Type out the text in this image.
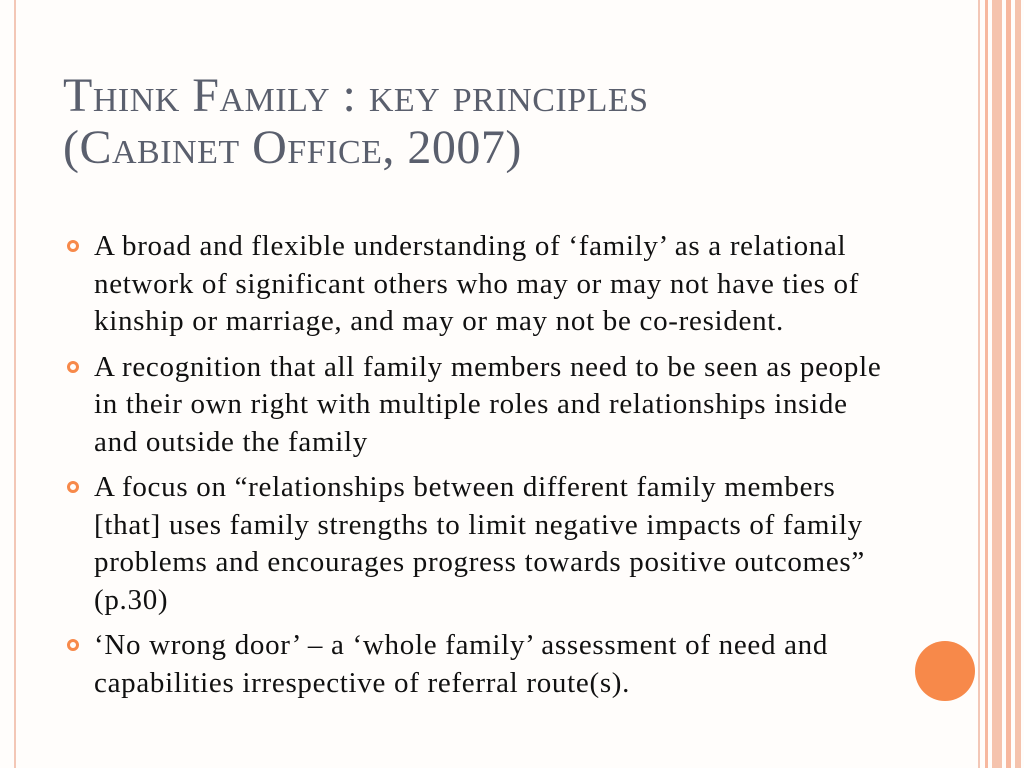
Think Family : key principles
(Cabinet Office, 2007)
A broad and flexible understanding of ‘family’ as a relational network of significant others who may or may not have ties of kinship or marriage, and may or may not be co-resident.
A recognition that all family members need to be seen as people in their own right with multiple roles and relationships inside and outside the family
A focus on “relationships between different family members [that] uses family strengths to limit negative impacts of family problems and encourages progress towards positive outcomes” (p.30)
‘No wrong door’ – a ‘whole family’ assessment of need and capabilities irrespective of referral route(s).
